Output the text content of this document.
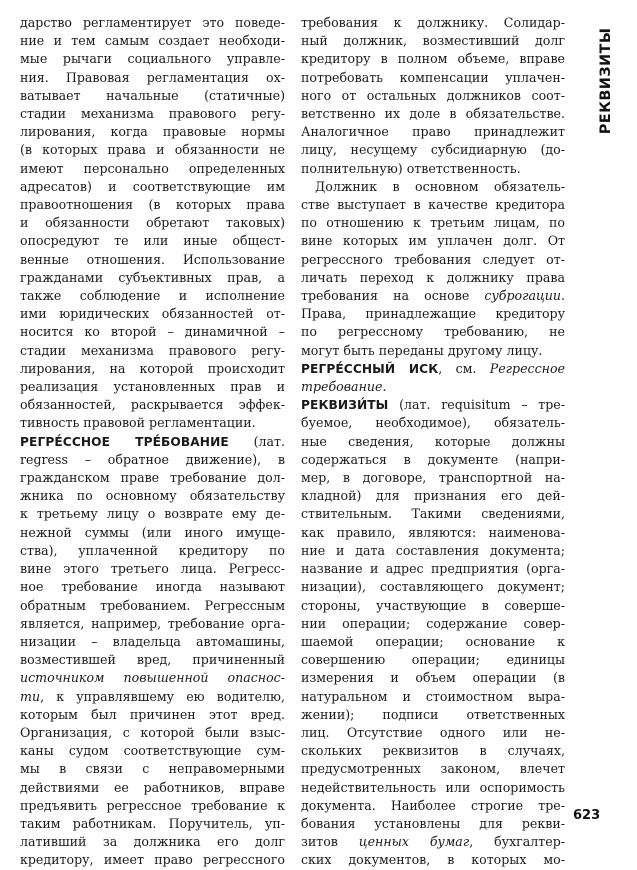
РЕКВИЗИТЫ
дарство регламентирует это поведе-
ние и тем самым создает необходи-
мые рычаги социального управле-
ния. Правовая регламентация ох-
ватывает начальные (статичные)
стадии механизма правового регу-
лирования, когда правовые нормы
(в которых права и обязанности не
имеют персонально определенных
адресатов) и соответствующие им
правоотношения (в которых права
и обязанности обретают таковых)
опосредуют те или иные общест-
венные отношения. Использование
гражданами субъективных прав, а
также соблюдение и исполнение
ими юридических обязанностей от-
носится ко второй – динамичной –
стадии механизма правового регу-
лирования, на которой происходит
реализация установленных прав и
обязанностей, раскрывается эффек-
тивность правовой регламентации.
РЕГРЕ́ССНОЕ ТРЕ́БОВАНИЕ (лат.
regress – обратное движение), в
гражданском праве требование дол-
жника по основному обязательству
к третьему лицу о возврате ему де-
нежной суммы (или иного имуще-
ства), уплаченной кредитору по
вине этого третьего лица. Регресс-
ное требование иногда называют
обратным требованием. Регрессным
является, например, требование орга-
низации – владельца автомашины,
возместившей вред, причиненный
источником повышенной опаснос-
ти, к управлявшему ею водителю,
которым был причинен этот вред.
Организация, с которой были взыс-
каны судом соответствующие сум-
мы в связи с неправомерными
действиями ее работников, вправе
предъявить регрессное требование к
таким работникам. Поручитель, уп-
лативший за должника его долг
кредитору, имеет право регрессного
требования к должнику. Солидар-
ный должник, возместивший долг
кредитору в полном объеме, вправе
потребовать компенсации уплачен-
ного от остальных должников соот-
ветственно их доле в обязательстве.
Аналогичное право принадлежит
лицу, несущему субсидиарную (до-
полнительную) ответственность.
Должник в основном обязатель-
стве выступает в качестве кредитора
по отношению к третьим лицам, по
вине которых им уплачен долг. От
регрессного требования следует от-
личать переход к должнику права
требования на основе суброгации.
Права, принадлежащие кредитору
по регрессному требованию, не
могут быть переданы другому лицу.
РЕГРЕ́ССНЫЙ ИСК, см. Регрессное
требование.
РЕКВИЗИ́ТЫ (лат. requisitum – тре-
буемое, необходимое), обязатель-
ные сведения, которые должны
содержаться в документе (напри-
мер, в договоре, транспортной на-
кладной) для признания его дей-
ствительным. Такими сведениями,
как правило, являются: наименова-
ние и дата составления документа;
название и адрес предприятия (орга-
низации), составляющего документ;
стороны, участвующие в соверше-
нии операции; содержание совер-
шаемой операции; основание к
совершению операции; единицы
измерения и объем операции (в
натуральном и стоимостном выра-
жении); подписи ответственных
лиц. Отсутствие одного или не-
скольких реквизитов в случаях,
предусмотренных законом, влечет
недействительность или оспоримость
документа. Наиболее строгие тре-
бования установлены для рекви-
зитов ценных бумаг, бухгалтер-
ских документов, в которых мо-
623
